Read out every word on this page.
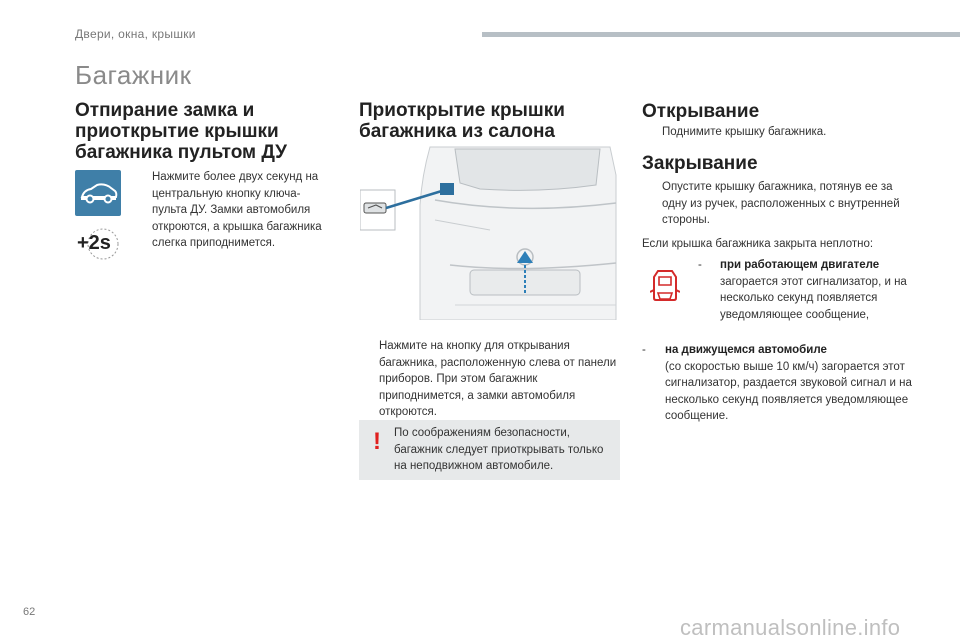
Двери, окна, крышки
Багажник
Отпирание замка и приоткрытие крышки багажника пультом ДУ
+2s
Нажмите более двух секунд на центральную кнопку ключа-пульта ДУ. Замки автомобиля откроются, а крышка багажника слегка приподнимется.
Приоткрытие крышки багажника из салона
Нажмите на кнопку для открывания багажника, расположенную слева от панели приборов. При этом багажник приподнимется, а замки автомобиля откроются.
! По соображениям безопасности, багажник следует приоткрывать только на неподвижном автомобиле.
Открывание
Поднимите крышку багажника.
Закрывание
Опустите крышку багажника, потянув ее за одну из ручек, расположенных с внутренней стороны.
Если крышка багажника закрыта неплотно:
-	при работающем двигателе
загорается этот сигнализатор, и на несколько секунд появляется уведомляющее сообщение,
-	на движущемся автомобиле
(со скоростью выше 10 км/ч) загорается этот сигнализатор, раздается звуковой сигнал и на несколько секунд появляется уведомляющее сообщение.
62
carmanualsonline.info
